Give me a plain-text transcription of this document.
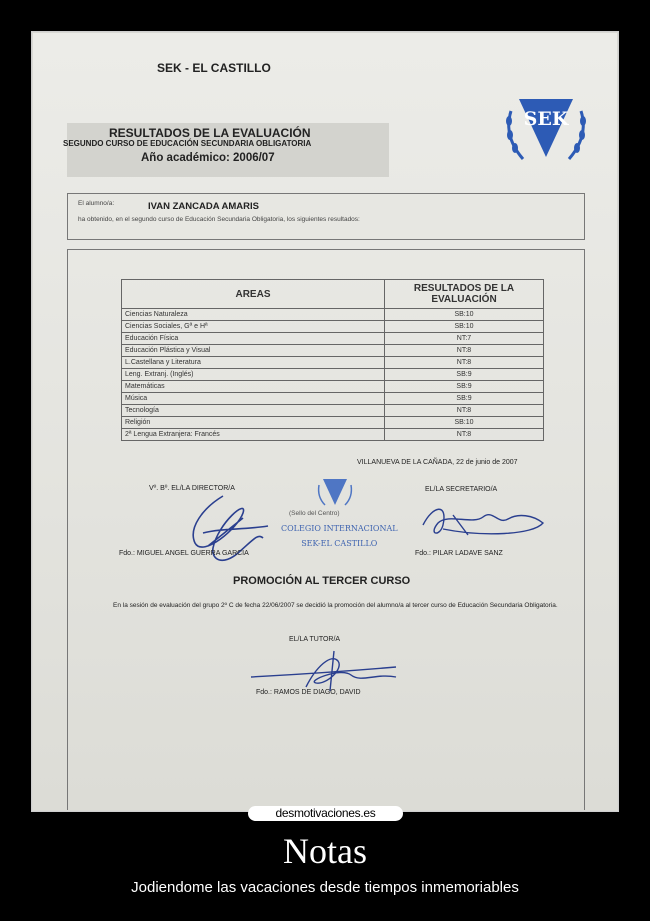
SEK - EL CASTILLO
RESULTADOS DE LA EVALUACIÓN
SEGUNDO CURSO DE EDUCACIÓN SECUNDARIA OBLIGATORIA
Año académico: 2006/07
SEK
El alumno/a:	IVAN ZANCADA AMARIS
ha obtenido, en el segundo curso de Educación Secundaria Obligatoria, los siguientes resultados:
AREAS	RESULTADOS DE LA EVALUACIÓN
Ciencias Naturaleza	SB:10
Ciencias Sociales, Gª e Hª	SB:10
Educación Física	NT:7
Educación Plástica y Visual	NT:8
L.Castellana y Literatura	NT:8
Leng. Extranj. (Inglés)	SB:9
Matemáticas	SB:9
Música	SB:9
Tecnología	NT:8
Religión	SB:10
2ª Lengua Extranjera: Francés	NT:8
VILLANUEVA DE LA CAÑADA, 22 de junio de 2007
Vº. Bº. EL/LA DIRECTOR/A	EL/LA SECRETARIO/A
(Sello del Centro)
COLEGIO INTERNACIONAL
SEK-EL CASTILLO
Fdo.: MIGUEL ANGEL GUERRA GARCIA	Fdo.: PILAR LADAVE SANZ
PROMOCIÓN AL TERCER CURSO
En la sesión de evaluación del grupo 2º C de fecha 22/06/2007 se decidió la promoción del alumno/a al tercer curso de Educación Secundaria Obligatoria.
EL/LA TUTOR/A
Fdo.: RAMOS DE DIAGO, DAVID
desmotivaciones.es
Notas
Jodiendome las vacaciones desde tiempos inmemoriables
